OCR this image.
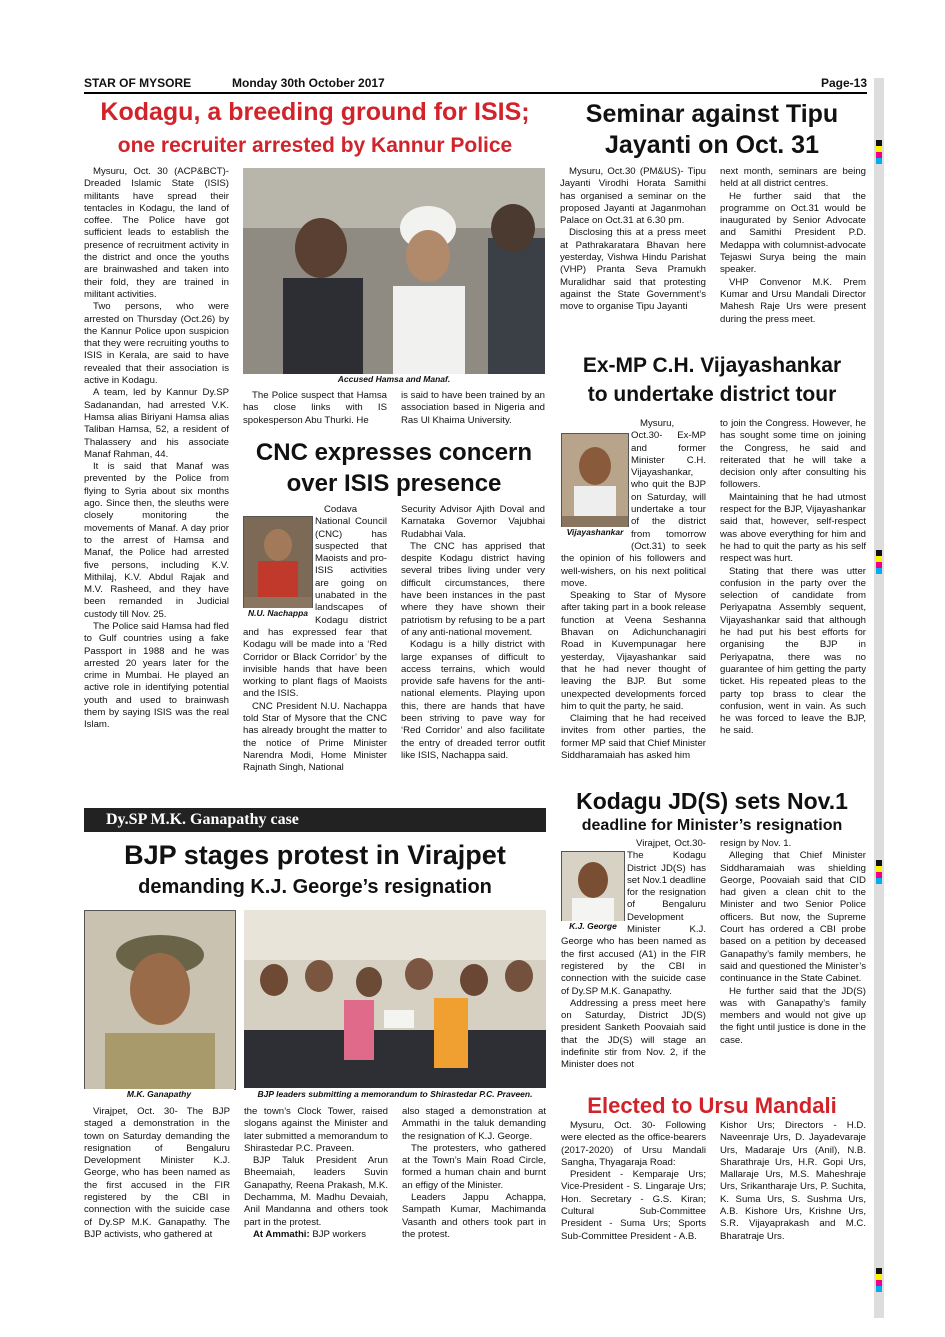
STAR OF MYSORE	Monday 30th October 2017	Page-13
Kodagu, a breeding ground for ISIS;
one recruiter arrested by Kannur Police

Mysuru, Oct. 30 (ACP&BCT)- Dreaded Islamic State (ISIS) militants have spread their tentacles in Kodagu, the land of coffee. The Police have got sufficient leads to establish the presence of recruitment activity in the district and once the youths are brainwashed and taken into their fold, they are trained in militant activities.

Two persons, who were arrested on Thursday (Oct.26) by the Kannur Police upon suspicion that they were recruiting youths to ISIS in Kerala, are said to have revealed that their association is active in Kodagu.

A team, led by Kannur Dy.SP Sadanandan, had arrested V.K. Hamsa alias Biriyani Hamsa alias Taliban Hamsa, 52, a resident of Thalassery and his associate Manaf Rahman, 44.

It is said that Manaf was prevented by the Police from flying to Syria about six months ago. Since then, the sleuths were closely monitoring the movements of Manaf. A day prior to the arrest of Hamsa and Manaf, the Police had arrested five persons, including K.V. Mithilaj, K.V. Abdul Rajak and M.V. Rasheed, and they have been remanded in Judicial custody till Nov. 25.

The Police said Hamsa had fled to Gulf countries using a fake Passport in 1988 and he was arrested 20 years later for the crime in Mumbai. He played an active role in identifying potential youth and used to brainwash them by saying ISIS was the real Islam.

Accused Hamsa and Manaf.

The Police suspect that Hamsa has close links with IS spokesperson Abu Thurki. He

is said to have been trained by an association based in Nigeria and Ras Ul Khaima University.

CNC expresses concern
over ISIS presence
N.U. Nachappa

Codava National Council (CNC) has suspected that Maoists and pro-ISIS activities are going on unabated in the landscapes of Kodagu district and has expressed fear that Kodagu will be made into a ‘Red Corridor or Black Corridor’ by the invisible hands that have been working to plant flags of Maoists and the ISIS.

CNC President N.U. Nachappa told Star of Mysore that the CNC has already brought the matter to the notice of Prime Minister Narendra Modi, Home Minister Rajnath Singh, National

Security Advisor Ajith Doval and Karnataka Governor Vajubhai Rudabhai Vala.

The CNC has apprised that despite Kodagu district having several tribes living under very difficult circumstances, there have been instances in the past where they have shown their patriotism by refusing to be a part of any anti-national movement.

Kodagu is a hilly district with large expanses of difficult to access terrains, which would provide safe havens for the anti-national elements. Playing upon this, there are hands that have been striving to pave way for ‘Red Corridor’ and also facilitate the entry of dreaded terror outfit like ISIS, Nachappa said.

Seminar against Tipu
Jayanti on Oct. 31

Mysuru, Oct.30 (PM&US)- Tipu Jayanti Virodhi Horata Samithi has organised a seminar on the proposed Jayanti at Jaganmohan Palace on Oct.31 at 6.30 pm.

Disclosing this at a press meet at Pathrakaratara Bhavan here yesterday, Vishwa Hindu Parishat (VHP) Pranta Seva Pramukh Muralidhar said that protesting against the State Government’s move to organise Tipu Jayanti

next month, seminars are being held at all district centres.

He further said that the programme on Oct.31 would be inaugurated by Senior Advocate and Samithi President P.D. Medappa with columnist-advocate Tejaswi Surya being the main speaker.

VHP Convenor M.K. Prem Kumar and Ursu Mandali Director Mahesh Raje Urs were present during the press meet.

Ex-MP C.H. Vijayashankar
to undertake district tour
Vijayashankar

Mysuru, Oct.30- Ex-MP and former Minister C.H. Vijayashankar, who quit the BJP on Saturday, will undertake a tour of the district from tomorrow (Oct.31) to seek the opinion of his followers and well-wishers, on his next political move.

Speaking to Star of Mysore after taking part in a book release function at Veena Seshanna Bhavan on Adichunchanagiri Road in Kuvempunagar here yesterday, Vijayashankar said that he had never thought of leaving the BJP. But some unexpected developments forced him to quit the party, he said.

Claiming that he had received invites from other parties, the former MP said that Chief Minister Siddharamaiah has asked him

to join the Congress. However, he has sought some time on joining the Congress, he said and reiterated that he will take a decision only after consulting his followers.

Maintaining that he had utmost respect for the BJP, Vijayashankar said that, however, self-respect was above everything for him and he had to quit the party as his self respect was hurt.

Stating that there was utter confusion in the party over the selection of candidate from Periyapatna Assembly sequent, Vijayashankar said that although he had put his best efforts for organising the BJP in Periyapatna, there was no guarantee of him getting the party ticket. His repeated pleas to the party top brass to clear the confusion, went in vain. As such he was forced to leave the BJP, he said.

Dy.SP M.K. Ganapathy case
BJP stages protest in Virajpet
demanding K.J. George’s resignation
M.K. Ganapathy	BJP leaders submitting a memorandum to Shirastedar P.C. Praveen.

Virajpet, Oct. 30- The BJP staged a demonstration in the town on Saturday demanding the resignation of Bengaluru Development Minister K.J. George, who has been named as the first accused in the FIR registered by the CBI in connection with the suicide case of Dy.SP M.K. Ganapathy. The BJP activists, who gathered at

the town’s Clock Tower, raised slogans against the Minister and later submitted a memorandum to Shirastedar P.C. Praveen.

BJP Taluk President Arun Bheemaiah, leaders Suvin Ganapathy, Reena Prakash, M.K. Dechamma, M. Madhu Devaiah, Anil Mandanna and others took part in the protest.

At Ammathi: BJP workers

also staged a demonstration at Ammathi in the taluk demanding the resignation of K.J. George.

The protesters, who gathered at the Town’s Main Road Circle, formed a human chain and burnt an effigy of the Minister.

Leaders Jappu Achappa, Sampath Kumar, Machimanda Vasanth and others took part in the protest.

Kodagu JD(S) sets Nov.1
deadline for Minister’s resignation
K.J. George

Virajpet, Oct.30- The Kodagu District JD(S) has set Nov.1 deadline for the resignation of Bengaluru Development Minister K.J. George who has been named as the first accused (A1) in the FIR registered by the CBI in connection with the suicide case of Dy.SP M.K. Ganapathy.

Addressing a press meet here on Saturday, District JD(S) president Sanketh Poovaiah said that the JD(S) will stage an indefinite stir from Nov. 2, if the Minister does not

resign by Nov. 1.

Alleging that Chief Minister Siddharamaiah was shielding George, Poovaiah said that CID had given a clean chit to the Minister and two Senior Police officers. But now, the Supreme Court has ordered a CBI probe based on a petition by deceased Ganapathy’s family members, he said and questioned the Minister’s continuance in the State Cabinet.

He further said that the JD(S) was with Ganapathy’s family members and would not give up the fight until justice is done in the case.

Elected to Ursu Mandali

Mysuru, Oct. 30- Following were elected as the office-bearers (2017-2020) of Ursu Mandali Sangha, Thyagaraja Road:

President - Kemparaje Urs; Vice-President - S. Lingaraje Urs; Hon. Secretary - G.S. Kiran; Cultural Sub-Committee President - Suma Urs; Sports Sub-Committee President - A.B.

Kishor Urs; Directors - H.D. Naveenraje Urs, D. Jayadevaraje Urs, Madaraje Urs (Anil), N.B. Sharathraje Urs, H.R. Gopi Urs, Mallaraje Urs, M.S. Maheshraje Urs, Srikantharaje Urs, P. Suchita, K. Suma Urs, S. Sushma Urs, A.B. Kishore Urs, Krishne Urs, S.R. Vijayaprakash and M.C. Bharatraje Urs.
